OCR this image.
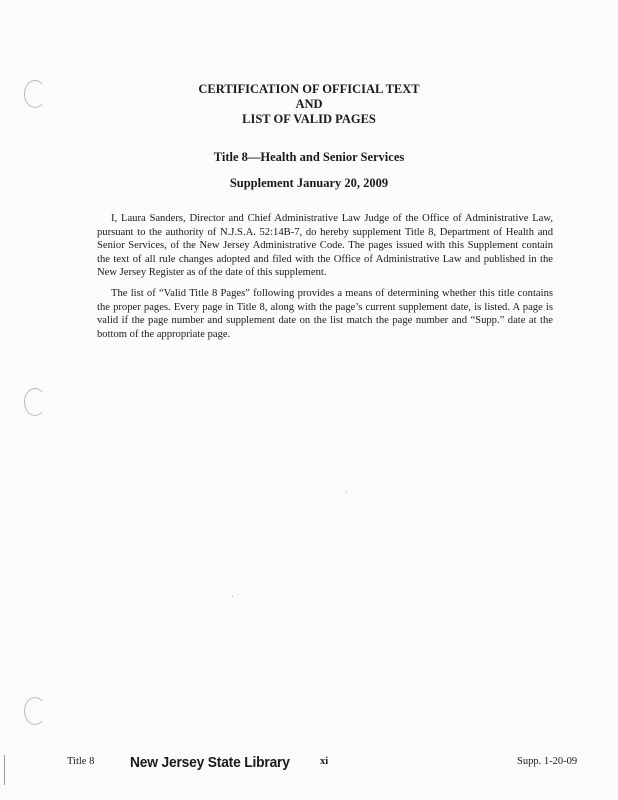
CERTIFICATION OF OFFICIAL TEXT
AND
LIST OF VALID PAGES
Title 8—Health and Senior Services
Supplement January 20, 2009

I, Laura Sanders, Director and Chief Administrative Law Judge of the Office of Administrative Law, pursuant to the authority of N.J.S.A. 52:14B-7, do hereby supplement Title 8, Department of Health and Senior Services, of the New Jersey Administrative Code. The pages issued with this Supplement contain the text of all rule changes adopted and filed with the Office of Administrative Law and published in the New Jersey Register as of the date of this supplement.

The list of “Valid Title 8 Pages” following provides a means of determining whether this title contains the proper pages. Every page in Title 8, along with the page’s current supplement date, is listed. A page is valid if the page number and supplement date on the list match the page number and “Supp.” date at the bottom of the appropriate page.

Title 8 New Jersey State Library	xi	Supp. 1-20-09
